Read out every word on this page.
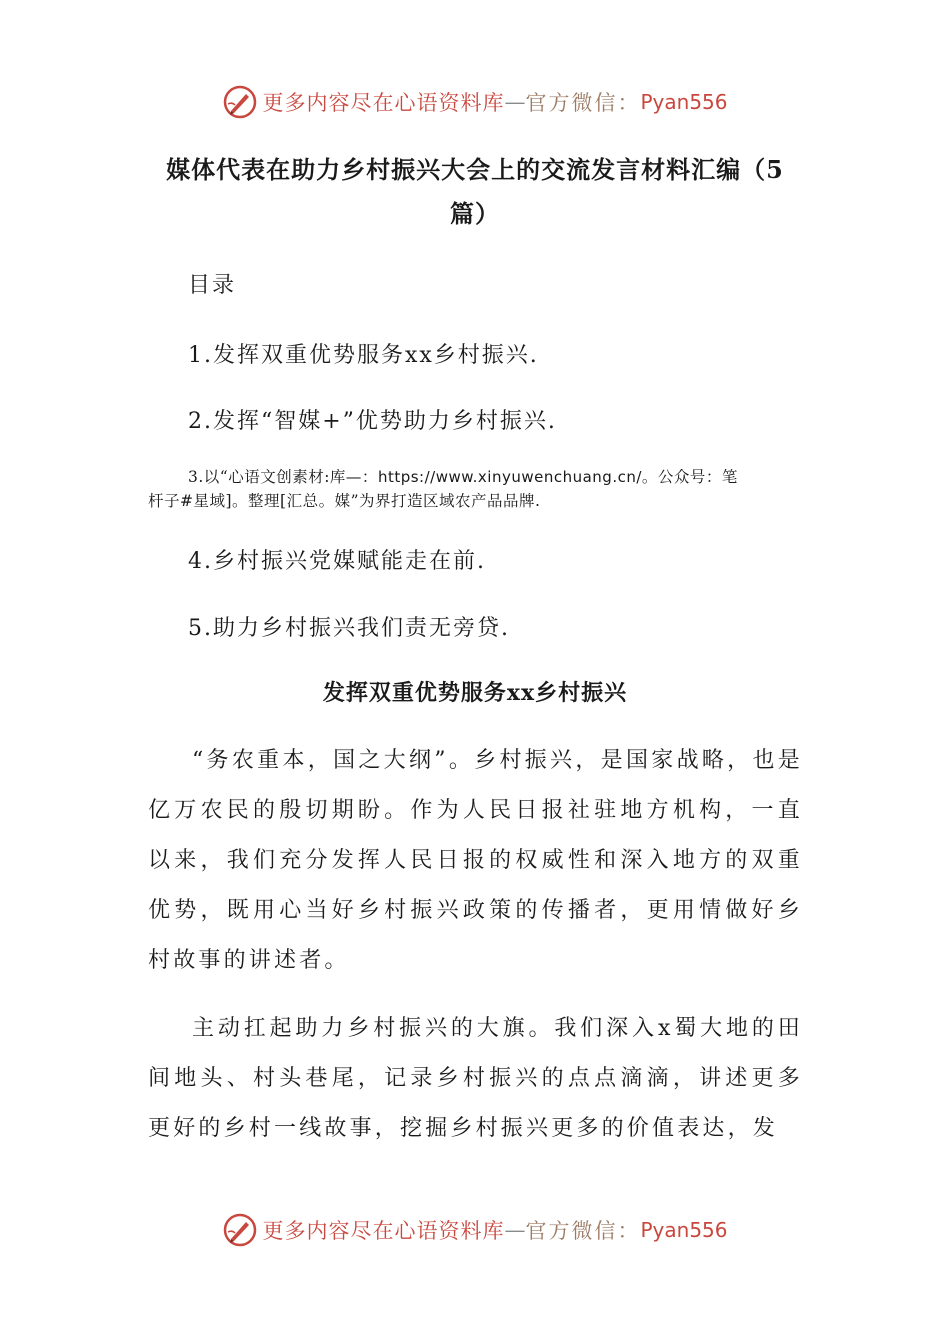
更多内容尽在心语资料库 — 官方微信： Pyan556
媒体代表在助力乡村振兴大会上的交流发言材料汇编（5篇）
目录
1.发挥双重优势服务xx乡村振兴.
2.发挥“智媒+”优势助力乡村振兴.
3.以“心语文创素材:库—：https://www.xinyuwenchuang.cn/。公众号：笔
杆子#星域]。整理[汇总。媒”为界打造区域农产品品牌.
4.乡村振兴党媒赋能走在前.
5.助力乡村振兴我们责无旁贷.
发挥双重优势服务xx乡村振兴

“务农重本，国之大纲”。乡村振兴，是国家战略，也是亿万农民的殷切期盼。作为人民日报社驻地方机构，一直以来，我们充分发挥人民日报的权威性和深入地方的双重优势，既用心当好乡村振兴政策的传播者，更用情做好乡村故事的讲述者。

主动扛起助力乡村振兴的大旗。我们深入x蜀大地的田间地头、村头巷尾，记录乡村振兴的点点滴滴，讲述更多更好的乡村一线故事，挖掘乡村振兴更多的价值表达，发

更多内容尽在心语资料库 — 官方微信： Pyan556
